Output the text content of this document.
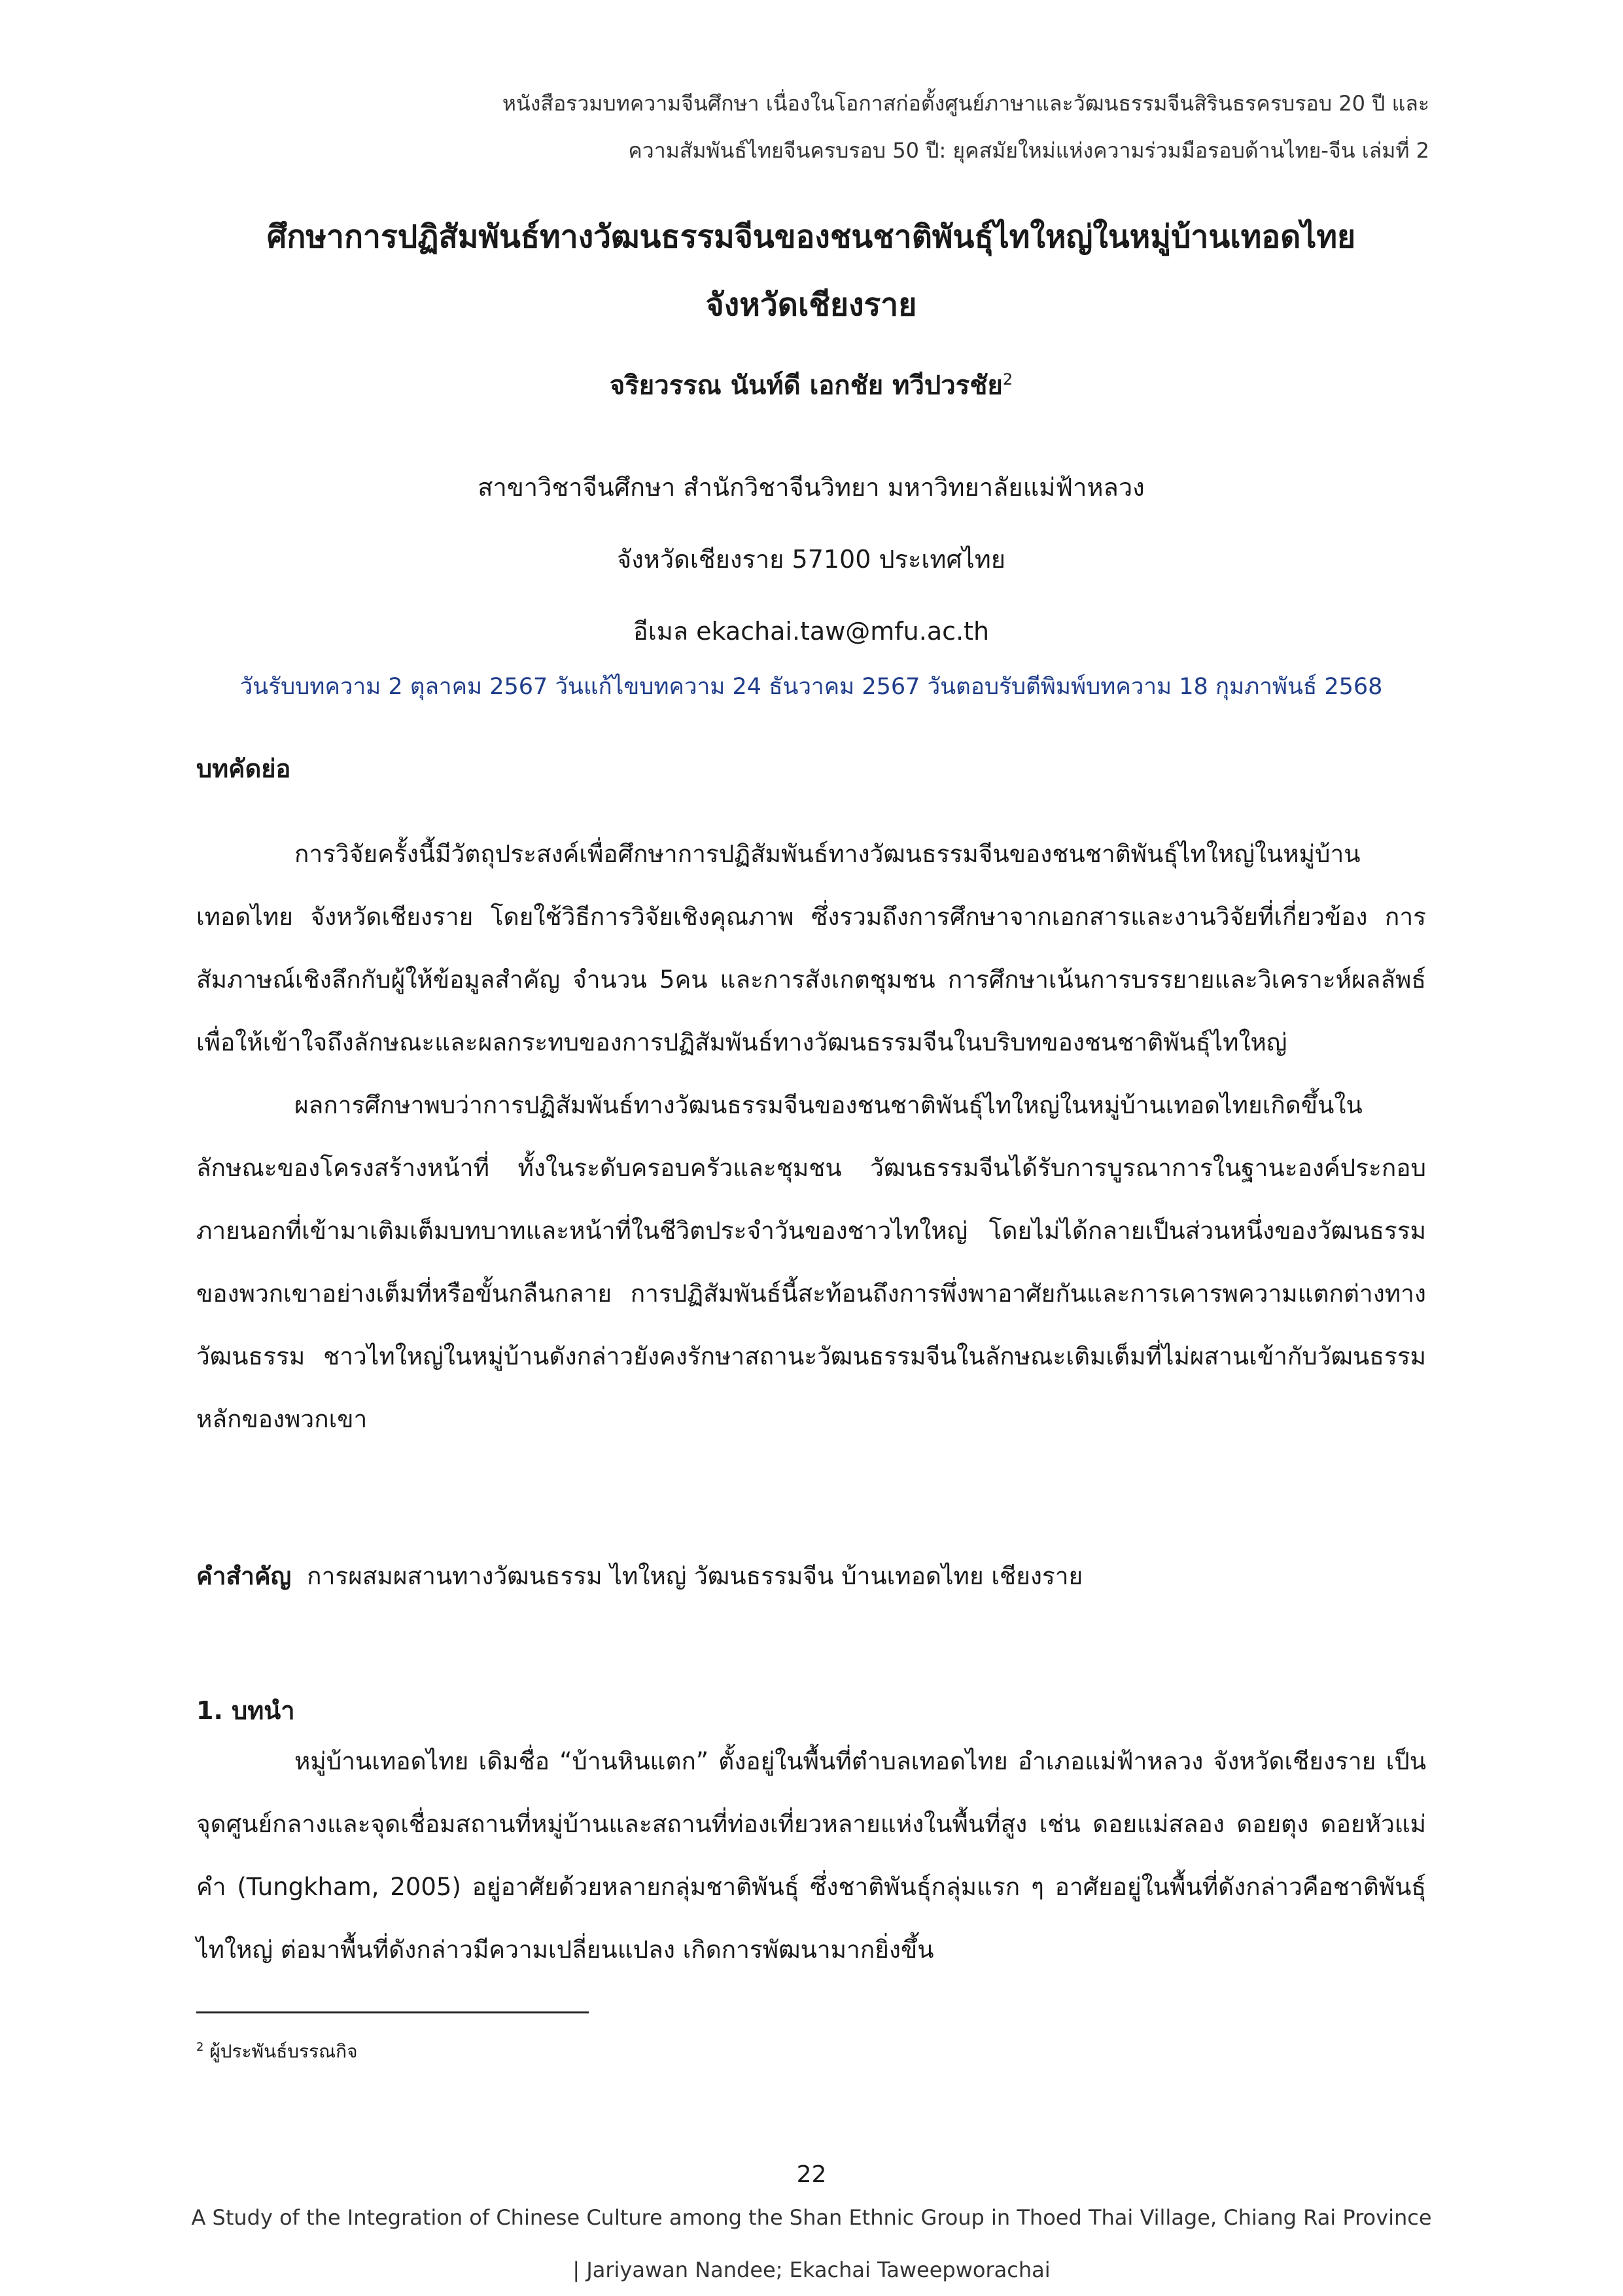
หนังสือรวมบทความจีนศึกษา เนื่องในโอกาสก่อตั้งศูนย์ภาษาและวัฒนธรรมจีนสิรินธรครบรอบ 20 ปี และ
ความสัมพันธ์ไทยจีนครบรอบ 50 ปี: ยุคสมัยใหม่แห่งความร่วมมือรอบด้านไทย-จีน เล่มที่ 2
ศึกษาการปฏิสัมพันธ์ทางวัฒนธรรมจีนของชนชาติพันธุ์ไทใหญ่ในหมู่บ้านเทอดไทย
จังหวัดเชียงราย
จริยวรรณ นันท์ดี เอกชัย ทวีปวรชัย$^2$
สาขาวิชาจีนศึกษา สำนักวิชาจีนวิทยา มหาวิทยาลัยแม่ฟ้าหลวง
จังหวัดเชียงราย 57100 ประเทศไทย
อีเมล ekachai.taw@mfu.ac.th
วันรับบทความ 2 ตุลาคม 2567 วันแก้ไขบทความ 24 ธันวาคม 2567 วันตอบรับตีพิมพ์บทความ 18 กุมภาพันธ์ 2568
บทคัดย่อ

การวิจัยครั้งนี้มีวัตถุประสงค์เพื่อศึกษาการปฏิสัมพันธ์ทางวัฒนธรรมจีนของชนชาติพันธุ์ไทใหญ่ในหมู่บ้านเทอดไทย จังหวัดเชียงราย โดยใช้วิธีการวิจัยเชิงคุณภาพ ซึ่งรวมถึงการศึกษาจากเอกสารและงานวิจัยที่เกี่ยวข้อง การสัมภาษณ์เชิงลึกกับผู้ให้ข้อมูลสำคัญ จำนวน 5คน และการสังเกตชุมชน การศึกษาเน้นการบรรยายและวิเคราะห์ผลลัพธ์เพื่อให้เข้าใจถึงลักษณะและผลกระทบของการปฏิสัมพันธ์ทางวัฒนธรรมจีนในบริบทของชนชาติพันธุ์ไทใหญ่

ผลการศึกษาพบว่าการปฏิสัมพันธ์ทางวัฒนธรรมจีนของชนชาติพันธุ์ไทใหญ่ในหมู่บ้านเทอดไทยเกิดขึ้นในลักษณะของโครงสร้างหน้าที่ ทั้งในระดับครอบครัวและชุมชน วัฒนธรรมจีนได้รับการบูรณาการในฐานะองค์ประกอบภายนอกที่เข้ามาเติมเต็มบทบาทและหน้าที่ในชีวิตประจำวันของชาวไทใหญ่ โดยไม่ได้กลายเป็นส่วนหนึ่งของวัฒนธรรมของพวกเขาอย่างเต็มที่หรือขั้นกลืนกลาย การปฏิสัมพันธ์นี้สะท้อนถึงการพึ่งพาอาศัยกันและการเคารพความแตกต่างทางวัฒนธรรม ชาวไทใหญ่ในหมู่บ้านดังกล่าวยังคงรักษาสถานะวัฒนธรรมจีนในลักษณะเติมเต็มที่ไม่ผสานเข้ากับวัฒนธรรมหลักของพวกเขา

คำสำคัญ การผสมผสานทางวัฒนธรรม ไทใหญ่ วัฒนธรรมจีน บ้านเทอดไทย เชียงราย
1. บทนำ

หมู่บ้านเทอดไทย เดิมชื่อ “บ้านหินแตก” ตั้งอยู่ในพื้นที่ตำบลเทอดไทย อำเภอแม่ฟ้าหลวง จังหวัดเชียงราย เป็นจุดศูนย์กลางและจุดเชื่อมสถานที่หมู่บ้านและสถานที่ท่องเที่ยวหลายแห่งในพื้นที่สูง เช่น ดอยแม่สลอง ดอยตุง ดอยหัวแม่คำ (Tungkham, 2005) อยู่อาศัยด้วยหลายกลุ่มชาติพันธุ์ ซึ่งชาติพันธุ์กลุ่มแรก ๆ อาศัยอยู่ในพื้นที่ดังกล่าวคือชาติพันธุ์ไทใหญ่ ต่อมาพื้นที่ดังกล่าวมีความเปลี่ยนแปลง เกิดการพัฒนามากยิ่งขึ้น

$^2$ ผู้ประพันธ์บรรณกิจ
22
A Study of the Integration of Chinese Culture among the Shan Ethnic Group in Thoed Thai Village, Chiang Rai Province
| Jariyawan Nandee; Ekachai Taweepworachai
